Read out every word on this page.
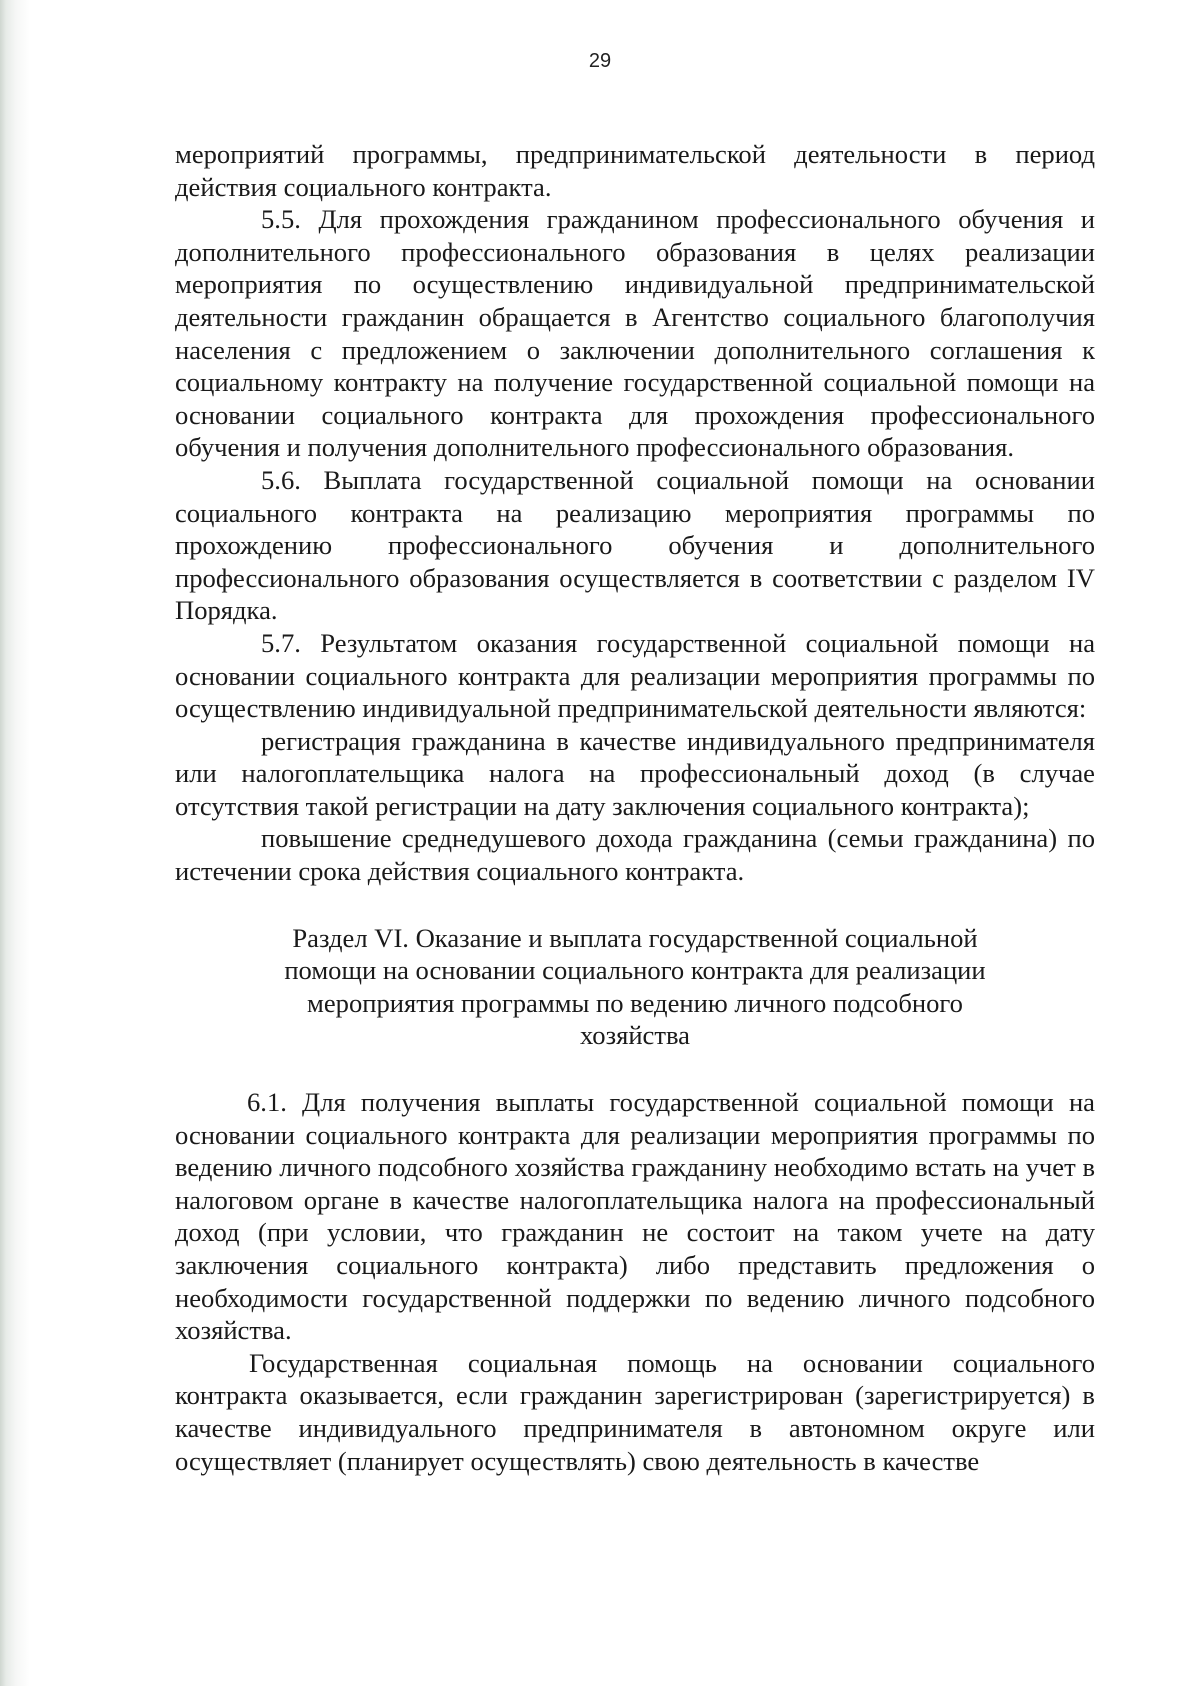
29

мероприятий программы, предпринимательской деятельности в период действия социального контракта.

5.5. Для прохождения гражданином профессионального обучения и дополнительного профессионального образования в целях реализации мероприятия по осуществлению индивидуальной предпринимательской деятельности гражданин обращается в Агентство социального благополучия населения с предложением о заключении дополнительного соглашения к социальному контракту на получение государственной социальной помощи на основании социального контракта для прохождения профессионального обучения и получения дополнительного профессионального образования.

5.6. Выплата государственной социальной помощи на основании социального контракта на реализацию мероприятия программы по прохождению профессионального обучения и дополнительного профессионального образования осуществляется в соответствии с разделом IV Порядка.

5.7. Результатом оказания государственной социальной помощи на основании социального контракта для реализации мероприятия программы по осуществлению индивидуальной предпринимательской деятельности являются:

регистрация гражданина в качестве индивидуального предпринимателя или налогоплательщика налога на профессиональный доход (в случае отсутствия такой регистрации на дату заключения социального контракта);

повышение среднедушевого дохода гражданина (семьи гражданина) по истечении срока действия социального контракта.

Раздел VI. Оказание и выплата государственной социальной
помощи на основании социального контракта для реализации
мероприятия программы по ведению личного подсобного
хозяйства

6.1. Для получения выплаты государственной социальной помощи на основании социального контракта для реализации мероприятия программы по ведению личного подсобного хозяйства гражданину необходимо встать на учет в налоговом органе в качестве налогоплательщика налога на профессиональный доход (при условии, что гражданин не состоит на таком учете на дату заключения социального контракта) либо представить предложения о необходимости государственной поддержки по ведению личного подсобного хозяйства.

Государственная социальная помощь на основании социального контракта оказывается, если гражданин зарегистрирован (зарегистрируется) в качестве индивидуального предпринимателя в автономном округе или осуществляет (планирует осуществлять) свою деятельность в качестве
